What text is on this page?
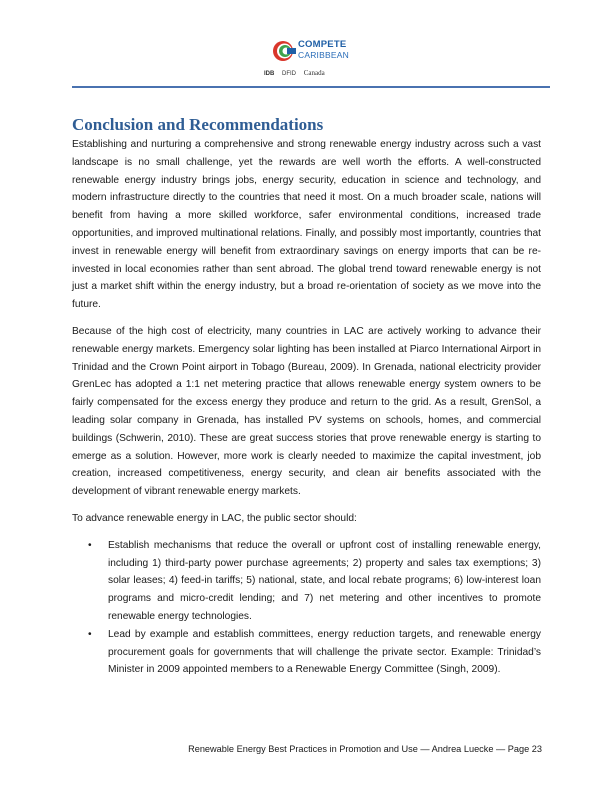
COMPETE
CARIBBEAN
IDB DFID Canada
Conclusion and Recommendations

Establishing and nurturing a comprehensive and strong renewable energy industry across such a vast landscape is no small challenge, yet the rewards are well worth the efforts. A well-constructed renewable energy industry brings jobs, energy security, education in science and technology, and modern infrastructure directly to the countries that need it most. On a much broader scale, nations will benefit from having a more skilled workforce, safer environmental conditions, increased trade opportunities, and improved multinational relations. Finally, and possibly most importantly, countries that invest in renewable energy will benefit from extraordinary savings on energy imports that can be re-invested in local economies rather than sent abroad. The global trend toward renewable energy is not just a market shift within the energy industry, but a broad re-orientation of society as we move into the future.

Because of the high cost of electricity, many countries in LAC are actively working to advance their renewable energy markets. Emergency solar lighting has been installed at Piarco International Airport in Trinidad and the Crown Point airport in Tobago (Bureau, 2009). In Grenada, national electricity provider GrenLec has adopted a 1:1 net metering practice that allows renewable energy system owners to be fairly compensated for the excess energy they produce and return to the grid. As a result, GrenSol, a leading solar company in Grenada, has installed PV systems on schools, homes, and commercial buildings (Schwerin, 2010). These are great success stories that prove renewable energy is starting to emerge as a solution. However, more work is clearly needed to maximize the capital investment, job creation, increased competitiveness, energy security, and clean air benefits associated with the development of vibrant renewable energy markets.

To advance renewable energy in LAC, the public sector should:

• Establish mechanisms that reduce the overall or upfront cost of installing renewable energy, including 1) third-party power purchase agreements; 2) property and sales tax exemptions; 3) solar leases; 4) feed-in tariffs; 5) national, state, and local rebate programs; 6) low-interest loan programs and micro-credit lending; and 7) net metering and other incentives to promote renewable energy technologies.
• Lead by example and establish committees, energy reduction targets, and renewable energy procurement goals for governments that will challenge the private sector. Example: Trinidad’s Minister in 2009 appointed members to a Renewable Energy Committee (Singh, 2009).
Renewable Energy Best Practices in Promotion and Use — Andrea Luecke — Page 23
